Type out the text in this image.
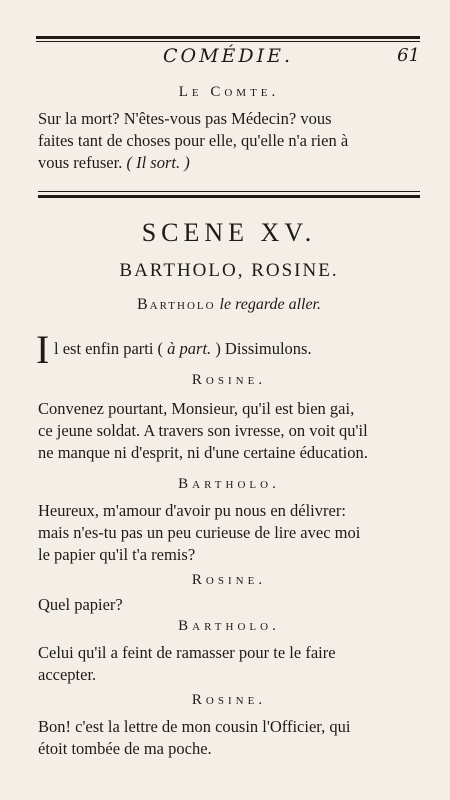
COMÉDIE.	61
Le Comte.
Sur la mort? N'êtes-vous pas Médecin? vous
faites tant de choses pour elle, qu'elle n'a rien à
vous refuser. ( Il sort. )
SCENE XV.
BARTHOLO, ROSINE.
Bartholo le regarde aller.
I l est enfin parti ( à part. ) Dissimulons.
Rosine.
Convenez pourtant, Monsieur, qu'il est bien gai,
ce jeune soldat. A travers son ivresse, on voit qu'il
ne manque ni d'esprit, ni d'une certaine éducation.
Bartholo.
Heureux, m'amour d'avoir pu nous en délivrer:
mais n'es-tu pas un peu curieuse de lire avec moi
le papier qu'il t'a remis?
Rosine.
Quel papier?
Bartholo.
Celui qu'il a feint de ramasser pour te le faire
accepter.
Rosine.
Bon! c'est la lettre de mon cousin l'Officier, qui
étoit tombée de ma poche.
